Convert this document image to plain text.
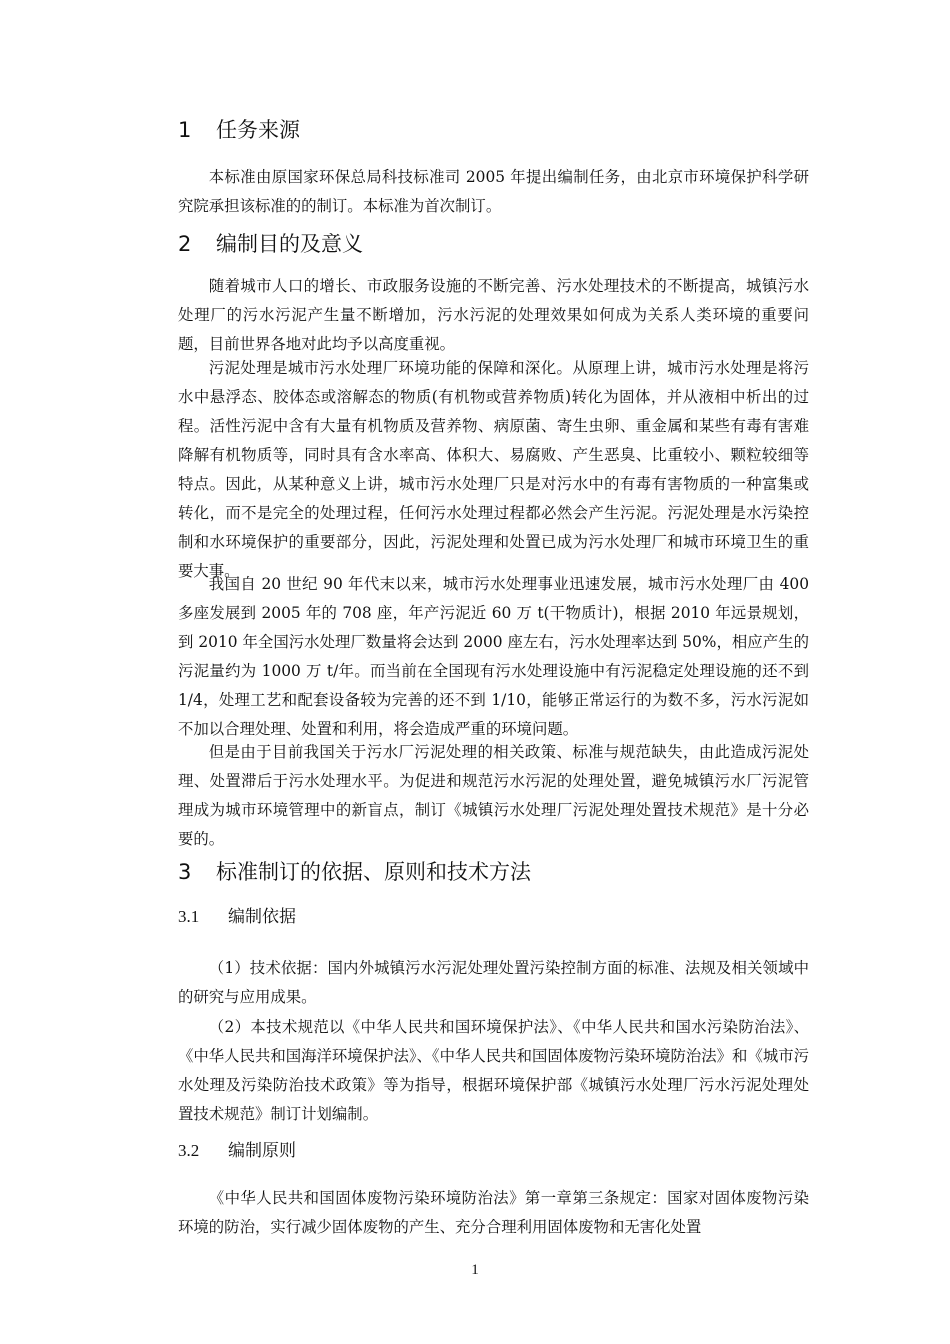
1 任务来源

本标准由原国家环保总局科技标准司 2005 年提出编制任务，由北京市环境保护科学研究院承担该标准的的制订。本标准为首次制订。

2 编制目的及意义

随着城市人口的增长、市政服务设施的不断完善、污水处理技术的不断提高，城镇污水处理厂的污水污泥产生量不断增加，污水污泥的处理效果如何成为关系人类环境的重要问题，目前世界各地对此均予以高度重视。

污泥处理是城市污水处理厂环境功能的保障和深化。从原理上讲，城市污水处理是将污水中悬浮态、胶体态或溶解态的物质(有机物或营养物质)转化为固体，并从液相中析出的过程。活性污泥中含有大量有机物质及营养物、病原菌、寄生虫卵、重金属和某些有毒有害难降解有机物质等，同时具有含水率高、体积大、易腐败、产生恶臭、比重较小、颗粒较细等特点。因此，从某种意义上讲，城市污水处理厂只是对污水中的有毒有害物质的一种富集或转化，而不是完全的处理过程，任何污水处理过程都必然会产生污泥。污泥处理是水污染控制和水环境保护的重要部分，因此，污泥处理和处置已成为污水处理厂和城市环境卫生的重要大事。

我国自 20 世纪 90 年代末以来，城市污水处理事业迅速发展，城市污水处理厂由 400 多座发展到 2005 年的 708 座，年产污泥近 60 万 t(干物质计)，根据 2010 年远景规划，到 2010 年全国污水处理厂数量将会达到 2000 座左右，污水处理率达到 50%，相应产生的污泥量约为 1000 万 t/年。而当前在全国现有污水处理设施中有污泥稳定处理设施的还不到 1/4，处理工艺和配套设备较为完善的还不到 1/10，能够正常运行的为数不多，污水污泥如不加以合理处理、处置和利用，将会造成严重的环境问题。

但是由于目前我国关于污水厂污泥处理的相关政策、标准与规范缺失，由此造成污泥处理、处置滞后于污水处理水平。为促进和规范污水污泥的处理处置，避免城镇污水厂污泥管理成为城市环境管理中的新盲点，制订《城镇污水处理厂污泥处理处置技术规范》是十分必要的。

3 标准制订的依据、原则和技术方法
3.1 编制依据

（1）技术依据：国内外城镇污水污泥处理处置污染控制方面的标准、法规及相关领域中的研究与应用成果。

（2）本技术规范以《中华人民共和国环境保护法》、《中华人民共和国水污染防治法》、《中华人民共和国海洋环境保护法》、《中华人民共和国固体废物污染环境防治法》和《城市污水处理及污染防治技术政策》等为指导，根据环境保护部《城镇污水处理厂污水污泥处理处置技术规范》制订计划编制。

3.2 编制原则

《中华人民共和国固体废物污染环境防治法》第一章第三条规定：国家对固体废物污染环境的防治，实行减少固体废物的产生、充分合理利用固体废物和无害化处置

1
